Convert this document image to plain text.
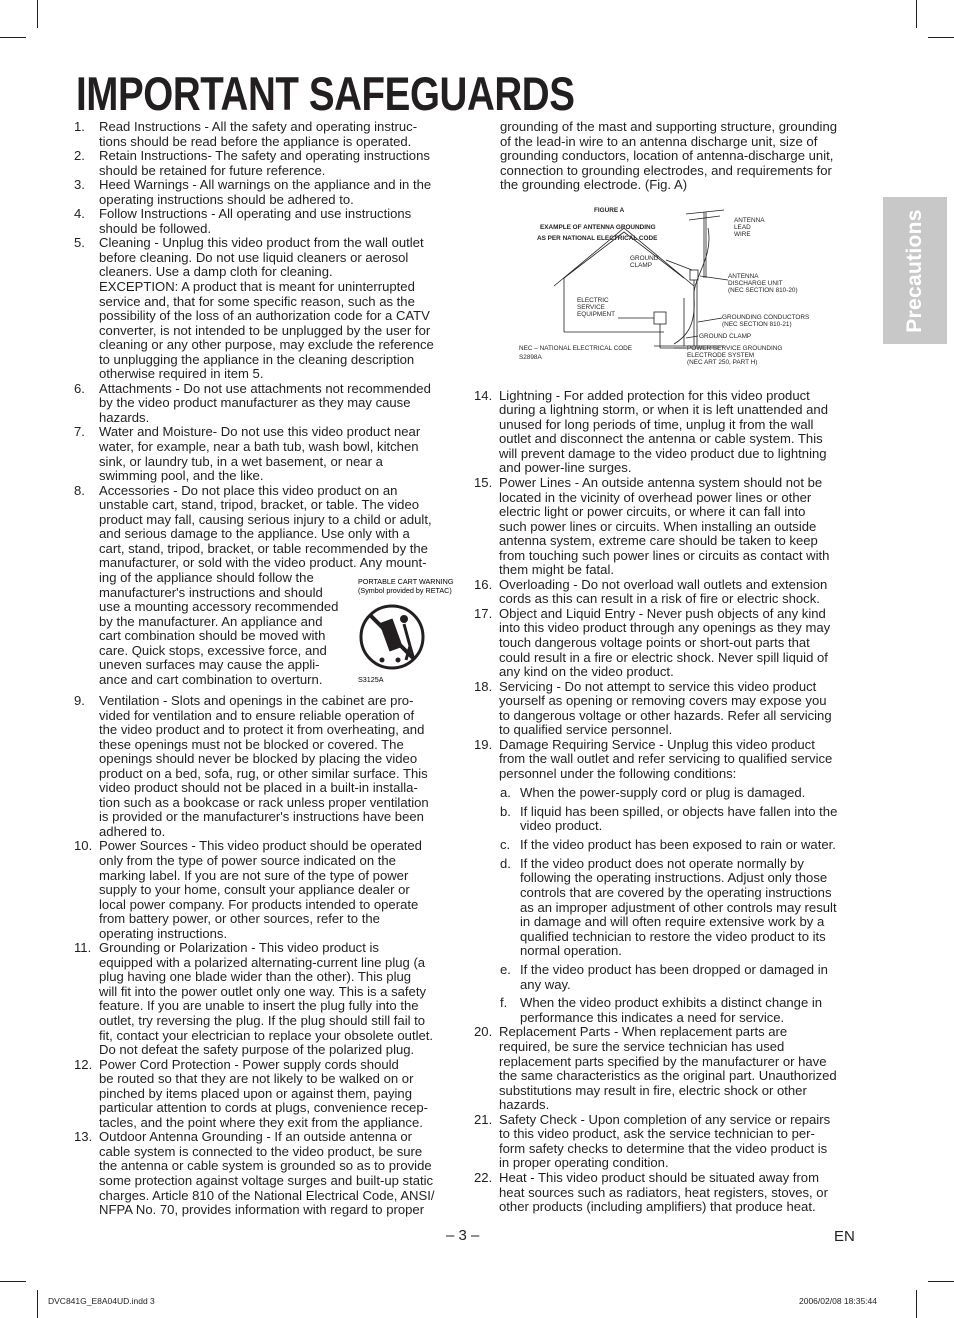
IMPORTANT SAFEGUARDS
Precautions
1.	Read Instructions - All the safety and operating instruc-
tions should be read before the appliance is operated.
2.	Retain Instructions- The safety and operating instructions
should be retained for future reference.
3.	Heed Warnings - All warnings on the appliance and in the
operating instructions should be adhered to.
4.	Follow Instructions - All operating and use instructions
should be followed.
5.	Cleaning - Unplug this video product from the wall outlet
before cleaning. Do not use liquid cleaners or aerosol
cleaners. Use a damp cloth for cleaning.
EXCEPTION: A product that is meant for uninterrupted
service and, that for some specific reason, such as the
possibility of the loss of an authorization code for a CATV
converter, is not intended to be unplugged by the user for
cleaning or any other purpose, may exclude the reference
to unplugging the appliance in the cleaning description
otherwise required in item 5.
6.	Attachments - Do not use attachments not recommended
by the video product manufacturer as they may cause
hazards.
7.	Water and Moisture- Do not use this video product near
water, for example, near a bath tub, wash bowl, kitchen
sink, or laundry tub, in a wet basement, or near a
swimming pool, and the like.
8.	Accessories - Do not place this video product on an
unstable cart, stand, tripod, bracket, or table. The video
product may fall, causing serious injury to a child or adult,
and serious damage to the appliance. Use only with a
cart, stand, tripod, bracket, or table recommended by the
manufacturer, or sold with the video product. Any mount-
PORTABLE CART WARNING
(Symbol provided by RETAC)
S3125A
ing of the appliance should follow the
manufacturer's instructions and should
use a mounting accessory recommended
by the manufacturer. An appliance and
cart combination should be moved with
care. Quick stops, excessive force, and
uneven surfaces may cause the appli-
ance and cart combination to overturn.
9.	Ventilation - Slots and openings in the cabinet are pro-
vided for ventilation and to ensure reliable operation of
the video product and to protect it from overheating, and
these openings must not be blocked or covered. The
openings should never be blocked by placing the video
product on a bed, sofa, rug, or other similar surface. This
video product should not be placed in a built-in installa-
tion such as a bookcase or rack unless proper ventilation
is provided or the manufacturer's instructions have been
adhered to.
10. Power Sources - This video product should be operated
only from the type of power source indicated on the
marking label. If you are not sure of the type of power
supply to your home, consult your appliance dealer or
local power company. For products intended to operate
from battery power, or other sources, refer to the
operating instructions.
11. Grounding or Polarization - This video product is
equipped with a polarized alternating-current line plug (a
plug having one blade wider than the other). This plug
will fit into the power outlet only one way. This is a safety
feature. If you are unable to insert the plug fully into the
outlet, try reversing the plug. If the plug should still fail to
fit, contact your electrician to replace your obsolete outlet.
Do not defeat the safety purpose of the polarized plug.
12. Power Cord Protection - Power supply cords should
be routed so that they are not likely to be walked on or
pinched by items placed upon or against them, paying
particular attention to cords at plugs, convenience recep-
tacles, and the point where they exit from the appliance.
13. Outdoor Antenna Grounding - If an outside antenna or
cable system is connected to the video product, be sure
the antenna or cable system is grounded so as to provide
some protection against voltage surges and built-up static
charges. Article 810 of the National Electrical Code, ANSI/
NFPA No. 70, provides information with regard to proper
grounding of the mast and supporting structure, grounding
of the lead-in wire to an antenna discharge unit, size of
grounding conductors, location of antenna-discharge unit,
connection to grounding electrodes, and requirements for
the grounding electrode. (Fig. A)
14. Lightning - For added protection for this video product
during a lightning storm, or when it is left unattended and
unused for long periods of time, unplug it from the wall
outlet and disconnect the antenna or cable system. This
will prevent damage to the video product due to lightning
and power-line surges.
15. Power Lines - An outside antenna system should not be
located in the vicinity of overhead power lines or other
electric light or power circuits, or where it can fall into
such power lines or circuits. When installing an outside
antenna system, extreme care should be taken to keep
from touching such power lines or circuits as contact with
them might be fatal.
16. Overloading - Do not overload wall outlets and extension
cords as this can result in a risk of fire or electric shock.
17. Object and Liquid Entry - Never push objects of any kind
into this video product through any openings as they may
touch dangerous voltage points or short-out parts that
could result in a fire or electric shock. Never spill liquid of
any kind on the video product.
18. Servicing - Do not attempt to service this video product
yourself as opening or removing covers may expose you
to dangerous voltage or other hazards. Refer all servicing
to qualified service personnel.
19. Damage Requiring Service - Unplug this video product
from the wall outlet and refer servicing to qualified service
personnel under the following conditions:
a. When the power-supply cord or plug is damaged.
b. If liquid has been spilled, or objects have fallen into the
video product.
c. If the video product has been exposed to rain or water.
d. If the video product does not operate normally by
following the operating instructions. Adjust only those
controls that are covered by the operating instructions
as an improper adjustment of other controls may result
in damage and will often require extensive work by a
qualified technician to restore the video product to its
normal operation.
e. If the video product has been dropped or damaged in
any way.
f. When the video product exhibits a distinct change in
performance this indicates a need for service.
20. Replacement Parts - When replacement parts are
required, be sure the service technician has used
replacement parts specified by the manufacturer or have
the same characteristics as the original part. Unauthorized
substitutions may result in fire, electric shock or other
hazards.
21. Safety Check - Upon completion of any service or repairs
to this video product, ask the service technician to per-
form safety checks to determine that the video product is
in proper operating condition.
22. Heat - This video product should be situated away from
heat sources such as radiators, heat registers, stoves, or
other products (including amplifiers) that produce heat.
FIGURE A
EXAMPLE OF ANTENNA GROUNDING
AS PER NATIONAL ELECTRICAL CODE
ANTENNA LEAD WIRE
GROUND CLAMP
ANTENNA DISCHARGE UNIT (NEC SECTION 810-20)
ELECTRIC SERVICE EQUIPMENT	GROUNDING CONDUCTORS (NEC SECTION 810-21)
GROUND CLAMP
NEC – NATIONAL ELECTRICAL CODE
S2898A
POWER SERVICE GROUNDING ELECTRODE SYSTEM (NEC ART 250, PART H)
– 3 –	EN
DVC841G_E8A04UD.indd 3	2006/02/08 18:35:44
